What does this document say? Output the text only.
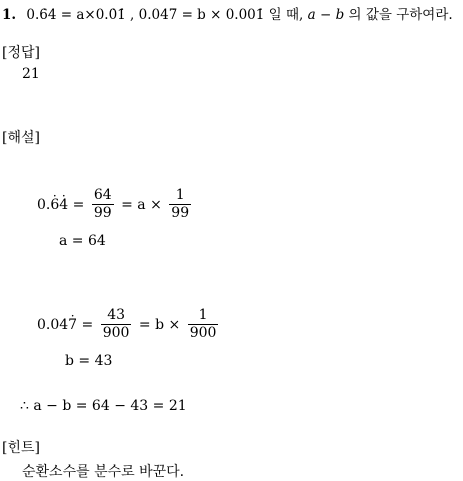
1. 0.6̇4̇ = a×0.0̇1̇ , 0.047̇ = b × 0.001̇ 일 때, a − b 의 값을 구하여라.
[정답]
21
[해설]
$0.\cdot 6\cdot 4 = \frac{64}{99} = a \times \frac{1}{99}$
a = 64
$0.04\cdot 7 = \frac{43}{900} = b \times \frac{1}{900}$
b = 43
∴ a − b = 64 − 43 = 21
[힌트]
순환소수를 분수로 바꾼다.
